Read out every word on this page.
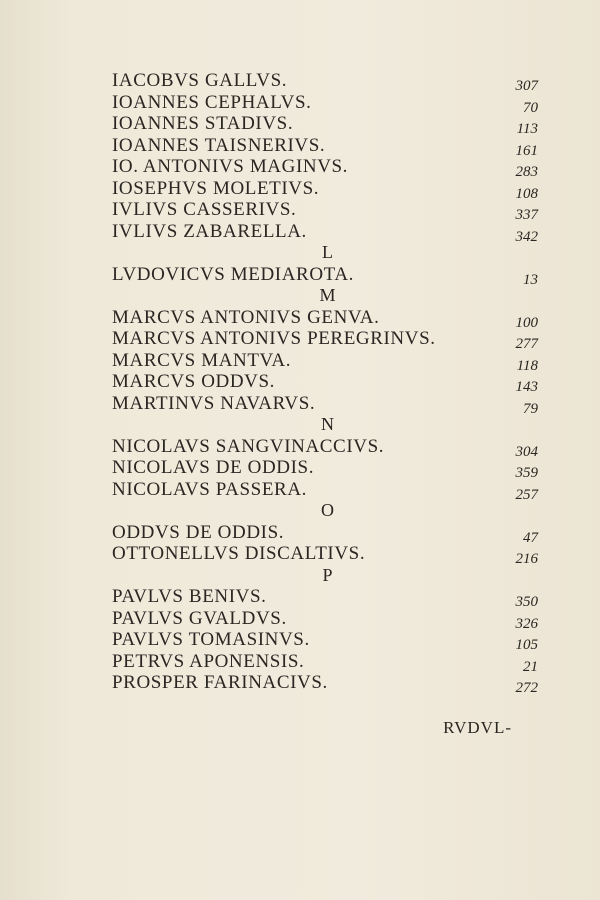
IACOBVS GALLVS.	307
IOANNES CEPHALVS.	70
IOANNES STADIVS.	113
IOANNES TAISNERIVS.	161
IO. ANTONIVS MAGINVS.	283
IOSEPHVS MOLETIVS.	108
IVLIVS CASSERIVS.	337
IVLIVS ZABARELLA.	342
L
LVDOVICVS MEDIAROTA.	13
M
MARCVS ANTONIVS GENVA.	100
MARCVS ANTONIVS PEREGRINVS.	277
MARCVS MANTVA.	118
MARCVS ODDVS.	143
MARTINVS NAVARVS.	79
N
NICOLAVS SANGVINACCIVS.	304
NICOLAVS DE ODDIS.	359
NICOLAVS PASSERA.	257
O
ODDVS DE ODDIS.	47
OTTONELLVS DISCALTIVS.	216
P
PAVLVS BENIVS.	350
PAVLVS GVALDVS.	326
PAVLVS TOMASINVS.	105
PETRVS APONENSIS.	21
PROSPER FARINACIVS.	272
RVDVL-
